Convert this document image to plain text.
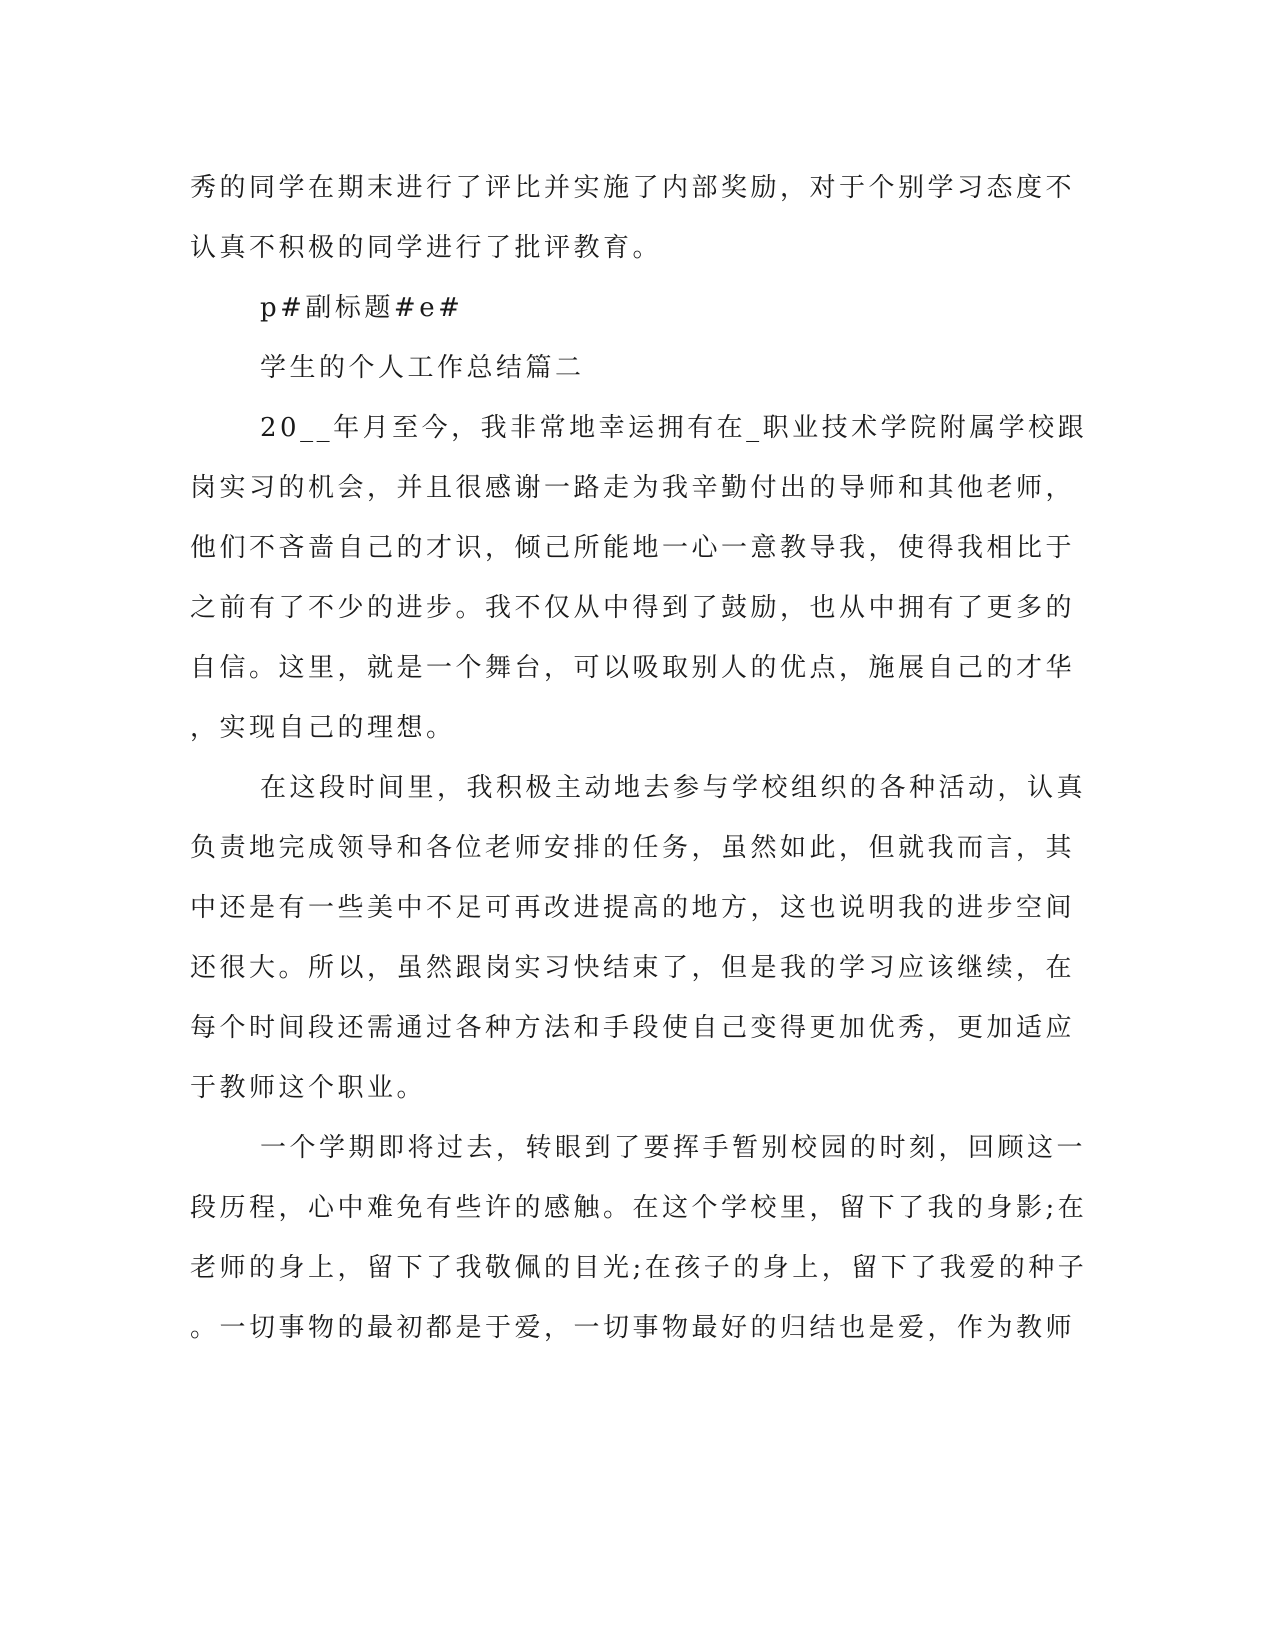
秀的同学在期末进行了评比并实施了内部奖励，对于个别学习态度不
认真不积极的同学进行了批评教育。
p#副标题#e#
学生的个人工作总结篇二
20__年月至今，我非常地幸运拥有在_职业技术学院附属学校跟
岗实习的机会，并且很感谢一路走为我辛勤付出的导师和其他老师，
他们不吝啬自己的才识，倾己所能地一心一意教导我，使得我相比于
之前有了不少的进步。我不仅从中得到了鼓励，也从中拥有了更多的
自信。这里，就是一个舞台，可以吸取别人的优点，施展自己的才华
，实现自己的理想。
在这段时间里，我积极主动地去参与学校组织的各种活动，认真
负责地完成领导和各位老师安排的任务，虽然如此，但就我而言，其
中还是有一些美中不足可再改进提高的地方，这也说明我的进步空间
还很大。所以，虽然跟岗实习快结束了，但是我的学习应该继续，在
每个时间段还需通过各种方法和手段使自己变得更加优秀，更加适应
于教师这个职业。
一个学期即将过去，转眼到了要挥手暂别校园的时刻，回顾这一
段历程，心中难免有些许的感触。在这个学校里，留下了我的身影;在
老师的身上，留下了我敬佩的目光;在孩子的身上，留下了我爱的种子
。一切事物的最初都是于爱，一切事物最好的归结也是爱，作为教师
